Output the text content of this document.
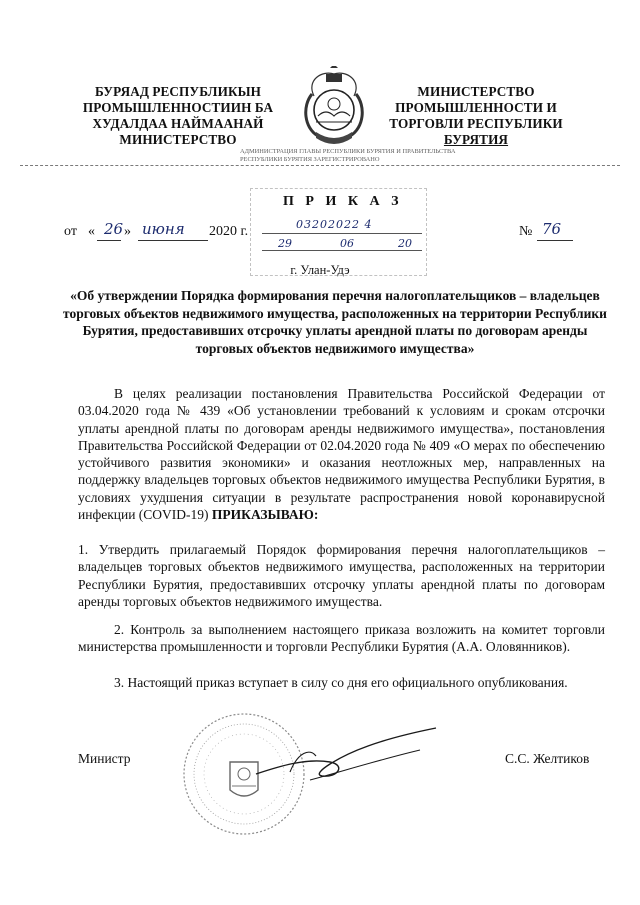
БУРЯАД РЕСПУБЛИКЫН
ПРОМЫШЛЕННОСТИИН БА
ХУДАЛДАА НАЙМААНАЙ
МИНИСТЕРСТВО
МИНИСТЕРСТВО
ПРОМЫШЛЕННОСТИ И
ТОРГОВЛИ РЕСПУБЛИКИ
БУРЯТИЯ
АДМИНИСТРАЦИЯ ГЛАВЫ РЕСПУБЛИКИ БУРЯТИЯ И ПРАВИТЕЛЬСТВА РЕСПУБЛИКИ БУРЯТИЯ ЗАРЕГИСТРИРОВАНО
П Р И К А З
от « 26 » июня 2020 г.	03202022 4
29	06	20
№ 76
г. Улан-Удэ
«Об утверждении Порядка формирования перечня налогоплательщиков – владельцев торговых объектов недвижимого имущества, расположенных на территории Республики Бурятия, предоставивших отсрочку уплаты арендной платы по договорам аренды торговых объектов недвижимого имущества»
В целях реализации постановления Правительства Российской Федерации от 03.04.2020 года № 439 «Об установлении требований к условиям и срокам отсрочки уплаты арендной платы по договорам аренды недвижимого имущества», постановления Правительства Российской Федерации от 02.04.2020 года № 409 «О мерах по обеспечению устойчивого развития экономики» и оказания неотложных мер, направленных на поддержку владельцев торговых объектов недвижимого имущества Республики Бурятия, в условиях ухудшения ситуации в результате распространения новой коронавирусной инфекции (COVID-19) ПРИКАЗЫВАЮ:
1. Утвердить прилагаемый Порядок формирования перечня налогоплательщиков – владельцев торговых объектов недвижимого имущества, расположенных на территории Республики Бурятия, предоставивших отсрочку уплаты арендной платы по договорам аренды торговых объектов недвижимого имущества.
2. Контроль за выполнением настоящего приказа возложить на комитет торговли министерства промышленности и торговли Республики Бурятия (А.А. Оловянников).
3. Настоящий приказ вступает в силу со дня его официального опубликования.
Министр	С.С. Желтиков
